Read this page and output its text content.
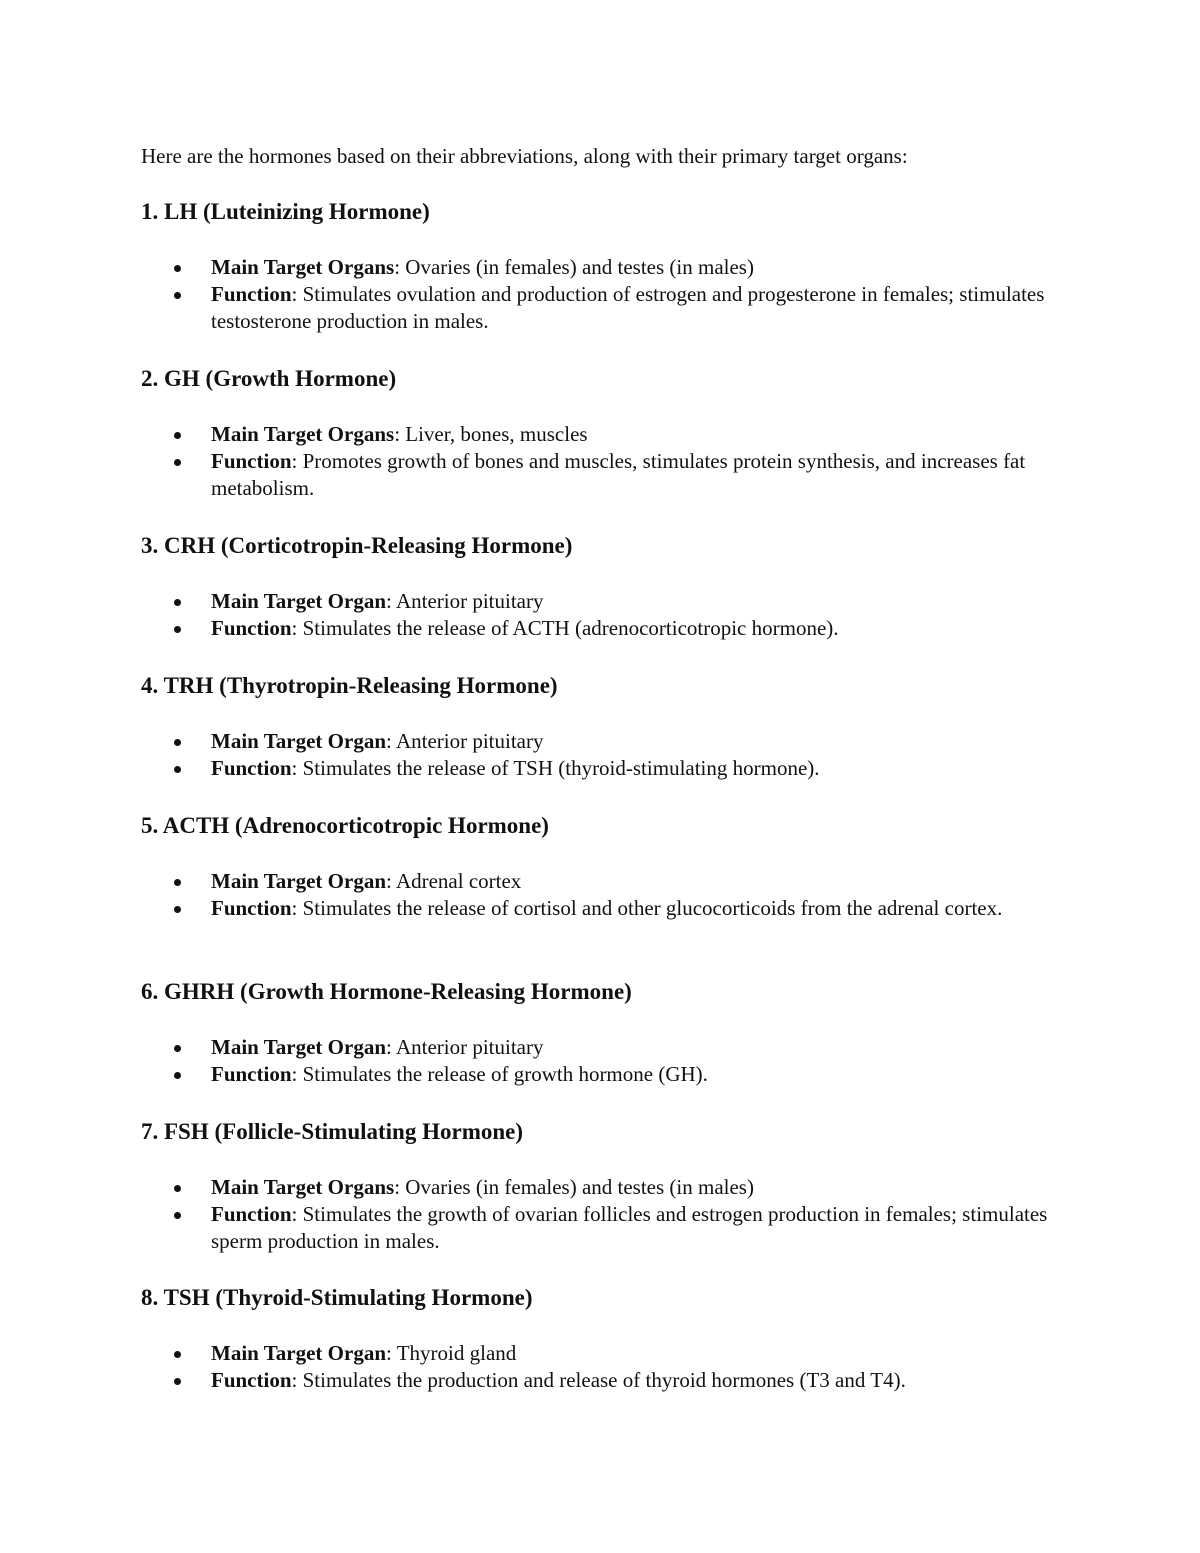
Here are the hormones based on their abbreviations, along with their primary target organs:

1. LH (Luteinizing Hormone)

Main Target Organs: Ovaries (in females) and testes (in males)
Function: Stimulates ovulation and production of estrogen and progesterone in females; stimulates testosterone production in males.

2. GH (Growth Hormone)

Main Target Organs: Liver, bones, muscles
Function: Promotes growth of bones and muscles, stimulates protein synthesis, and increases fat metabolism.

3. CRH (Corticotropin-Releasing Hormone)

Main Target Organ: Anterior pituitary
Function: Stimulates the release of ACTH (adrenocorticotropic hormone).

4. TRH (Thyrotropin-Releasing Hormone)

Main Target Organ: Anterior pituitary
Function: Stimulates the release of TSH (thyroid-stimulating hormone).

5. ACTH (Adrenocorticotropic Hormone)

Main Target Organ: Adrenal cortex
Function: Stimulates the release of cortisol and other glucocorticoids from the adrenal cortex.

6. GHRH (Growth Hormone-Releasing Hormone)

Main Target Organ: Anterior pituitary
Function: Stimulates the release of growth hormone (GH).

7. FSH (Follicle-Stimulating Hormone)

Main Target Organs: Ovaries (in females) and testes (in males)
Function: Stimulates the growth of ovarian follicles and estrogen production in females; stimulates sperm production in males.

8. TSH (Thyroid-Stimulating Hormone)

Main Target Organ: Thyroid gland
Function: Stimulates the production and release of thyroid hormones (T3 and T4).
